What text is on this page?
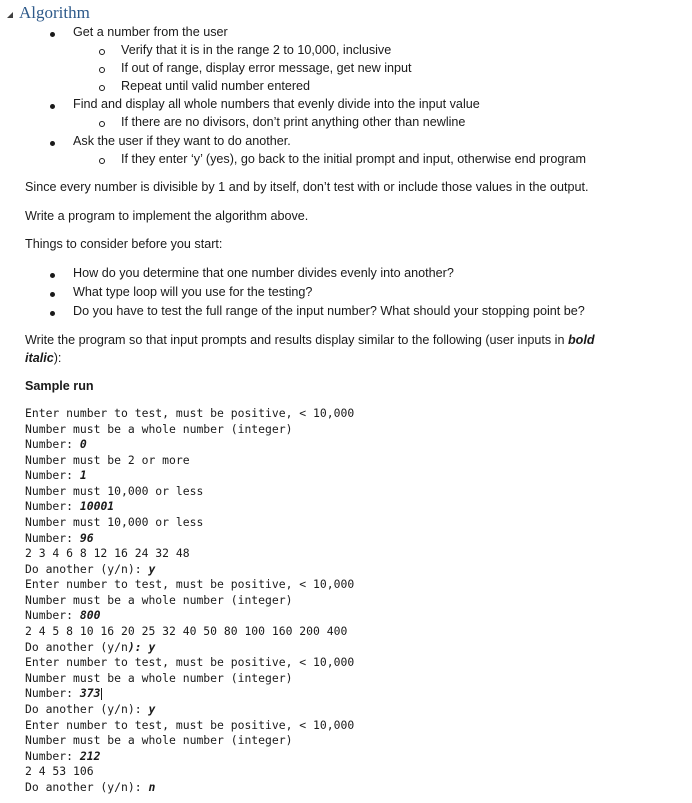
Algorithm
Get a number from the user
Verify that it is in the range 2 to 10,000, inclusive
If out of range, display error message, get new input
Repeat until valid number entered
Find and display all whole numbers that evenly divide into the input value
If there are no divisors, don’t print anything other than newline
Ask the user if they want to do another.
If they enter ‘y’ (yes), go back to the initial prompt and input, otherwise end program
Since every number is divisible by 1 and by itself, don’t test with or include those values in the output.
Write a program to implement the algorithm above.
Things to consider before you start:
How do you determine that one number divides evenly into another?
What type loop will you use for the testing?
Do you have to test the full range of the input number? What should your stopping point be?
Write the program so that input prompts and results display similar to the following (user inputs in bold
italic):
Sample run
Enter number to test, must be positive, < 10,000
Number must be a whole number (integer)
Number: 0
Number must be 2 or more
Number: 1
Number must 10,000 or less
Number: 10001
Number must 10,000 or less
Number: 96
2 3 4 6 8 12 16 24 32 48
Do another (y/n): y
Enter number to test, must be positive, < 10,000
Number must be a whole number (integer)
Number: 800
2 4 5 8 10 16 20 25 32 40 50 80 100 160 200 400
Do another (y/n): y
Enter number to test, must be positive, < 10,000
Number must be a whole number (integer)
Number: 373
Do another (y/n): y
Enter number to test, must be positive, < 10,000
Number must be a whole number (integer)
Number: 212
2 4 53 106
Do another (y/n): n
